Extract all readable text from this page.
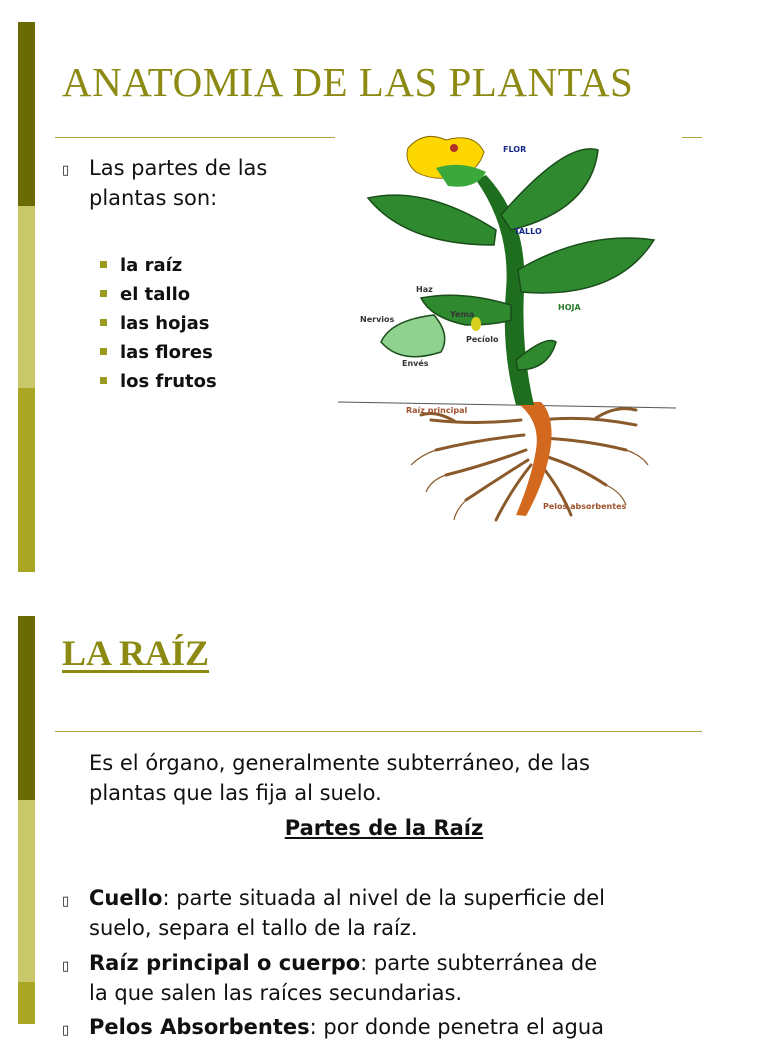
ANATOMIA DE LAS PLANTAS
▯ Las partes de las
plantas son:
la raíz
el tallo
las hojas
las flores
los frutos
FLOR
TALLO
HOJA
Haz
Nervios
Yema
Pecíolo
Envés
Raíz principal
Pelos absorbentes
LA RAÍZ
Es el órgano, generalmente subterráneo, de las
plantas que las fija al suelo.
Partes de la Raíz
▯ Cuello: parte situada al nivel de la superficie del
suelo, separa el tallo de la raíz.
▯ Raíz principal o cuerpo: parte subterránea de
la que salen las raíces secundarias.
▯ Pelos Absorbentes: por donde penetra el agua
